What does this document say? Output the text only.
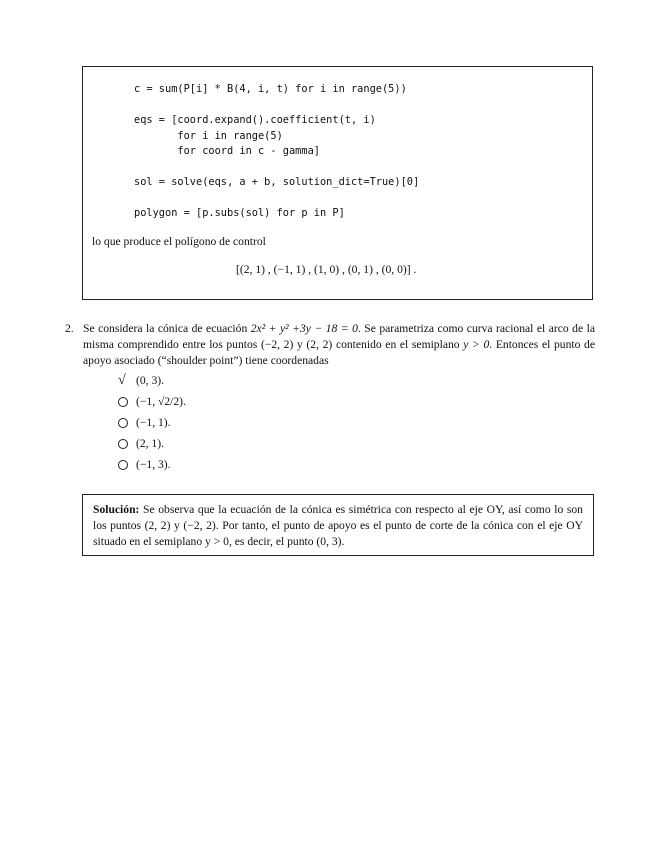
c = sum(P[i] * B(4, i, t) for i in range(5))
eqs = [coord.expand().coefficient(t, i)
for i in range(5)
for coord in c - gamma]
sol = solve(eqs, a + b, solution_dict=True)[0]
polygon = [p.subs(sol) for p in P]
lo que produce el polígono de control
[(2, 1) , (−1, 1) , (1, 0) , (0, 1) , (0, 0)] .
2. Se considera la cónica de ecuación 2x² + y² +3y − 18 = 0. Se parametriza como curva racional el arco de la misma comprendido entre los puntos (−2, 2) y (2, 2) contenido en el semiplano y > 0. Entonces el punto de apoyo asociado (“shoulder point”) tiene coordenadas
√ (0, 3).
(−1, √2/2).
(−1, 1).
(2, 1).
(−1, 3).
Solución: Se observa que la ecuación de la cónica es simétrica con respecto al eje OY, así como lo son los puntos (2, 2) y (−2, 2). Por tanto, el punto de apoyo es el punto de corte de la cónica con el eje OY situado en el semiplano y > 0, es decir, el punto (0, 3).
